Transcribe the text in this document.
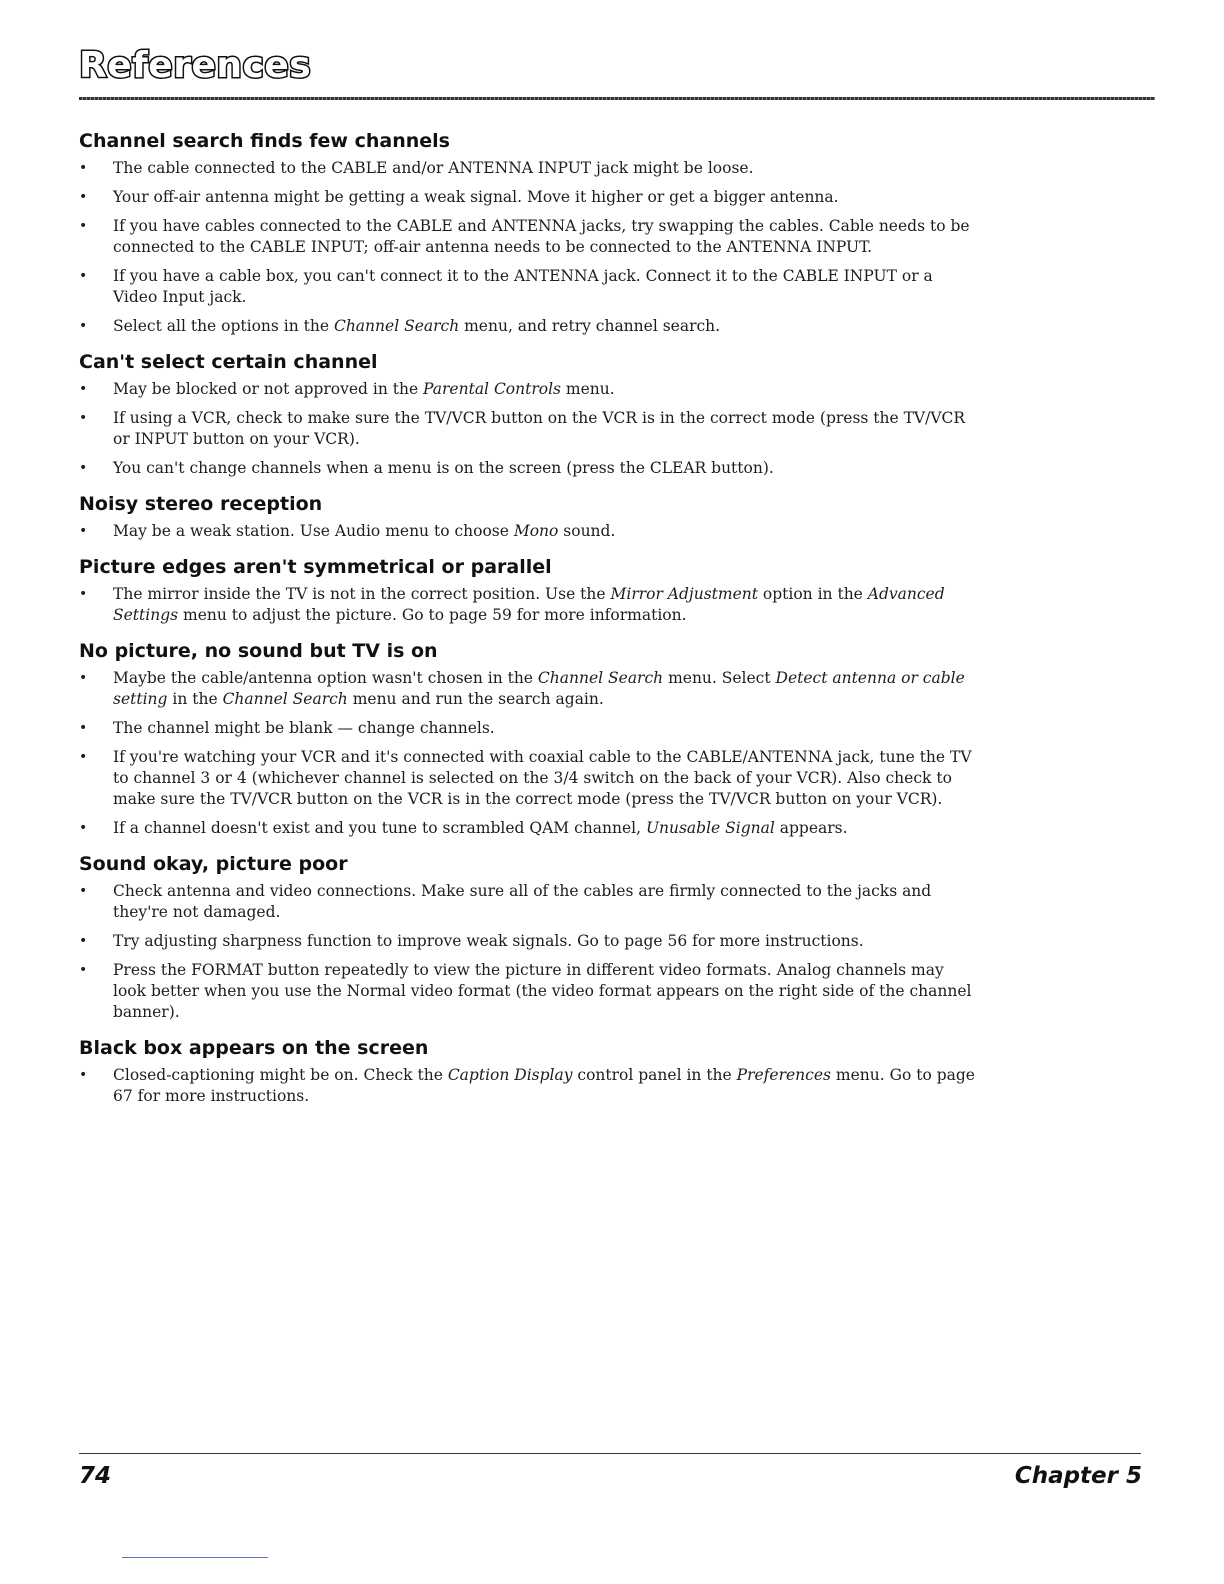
References
Channel search finds few channels
• The cable connected to the CABLE and/or ANTENNA INPUT jack might be loose.
• Your off-air antenna might be getting a weak signal. Move it higher or get a bigger antenna.
• If you have cables connected to the CABLE and ANTENNA jacks, try swapping the cables. Cable needs to be connected to the CABLE INPUT; off-air antenna needs to be connected to the ANTENNA INPUT.
• If you have a cable box, you can't connect it to the ANTENNA jack. Connect it to the CABLE INPUT or a Video Input jack.
• Select all the options in the Channel Search menu, and retry channel search.
Can't select certain channel
• May be blocked or not approved in the Parental Controls menu.
• If using a VCR, check to make sure the TV/VCR button on the VCR is in the correct mode (press the TV/VCR or INPUT button on your VCR).
• You can't change channels when a menu is on the screen (press the CLEAR button).
Noisy stereo reception
• May be a weak station. Use Audio menu to choose Mono sound.
Picture edges aren't symmetrical or parallel
• The mirror inside the TV is not in the correct position. Use the Mirror Adjustment option in the Advanced Settings menu to adjust the picture. Go to page 59 for more information.
No picture, no sound but TV is on
• Maybe the cable/antenna option wasn't chosen in the Channel Search menu. Select Detect antenna or cable setting in the Channel Search menu and run the search again.
• The channel might be blank — change channels.
• If you're watching your VCR and it's connected with coaxial cable to the CABLE/ANTENNA jack, tune the TV to channel 3 or 4 (whichever channel is selected on the 3/4 switch on the back of your VCR). Also check to make sure the TV/VCR button on the VCR is in the correct mode (press the TV/VCR button on your VCR).
• If a channel doesn't exist and you tune to scrambled QAM channel, Unusable Signal appears.
Sound okay, picture poor
• Check antenna and video connections. Make sure all of the cables are firmly connected to the jacks and they're not damaged.
• Try adjusting sharpness function to improve weak signals. Go to page 56 for more instructions.
• Press the FORMAT button repeatedly to view the picture in different video formats. Analog channels may look better when you use the Normal video format (the video format appears on the right side of the channel banner).
Black box appears on the screen
• Closed-captioning might be on. Check the Caption Display control panel in the Preferences menu. Go to page 67 for more instructions.
74	Chapter 5
